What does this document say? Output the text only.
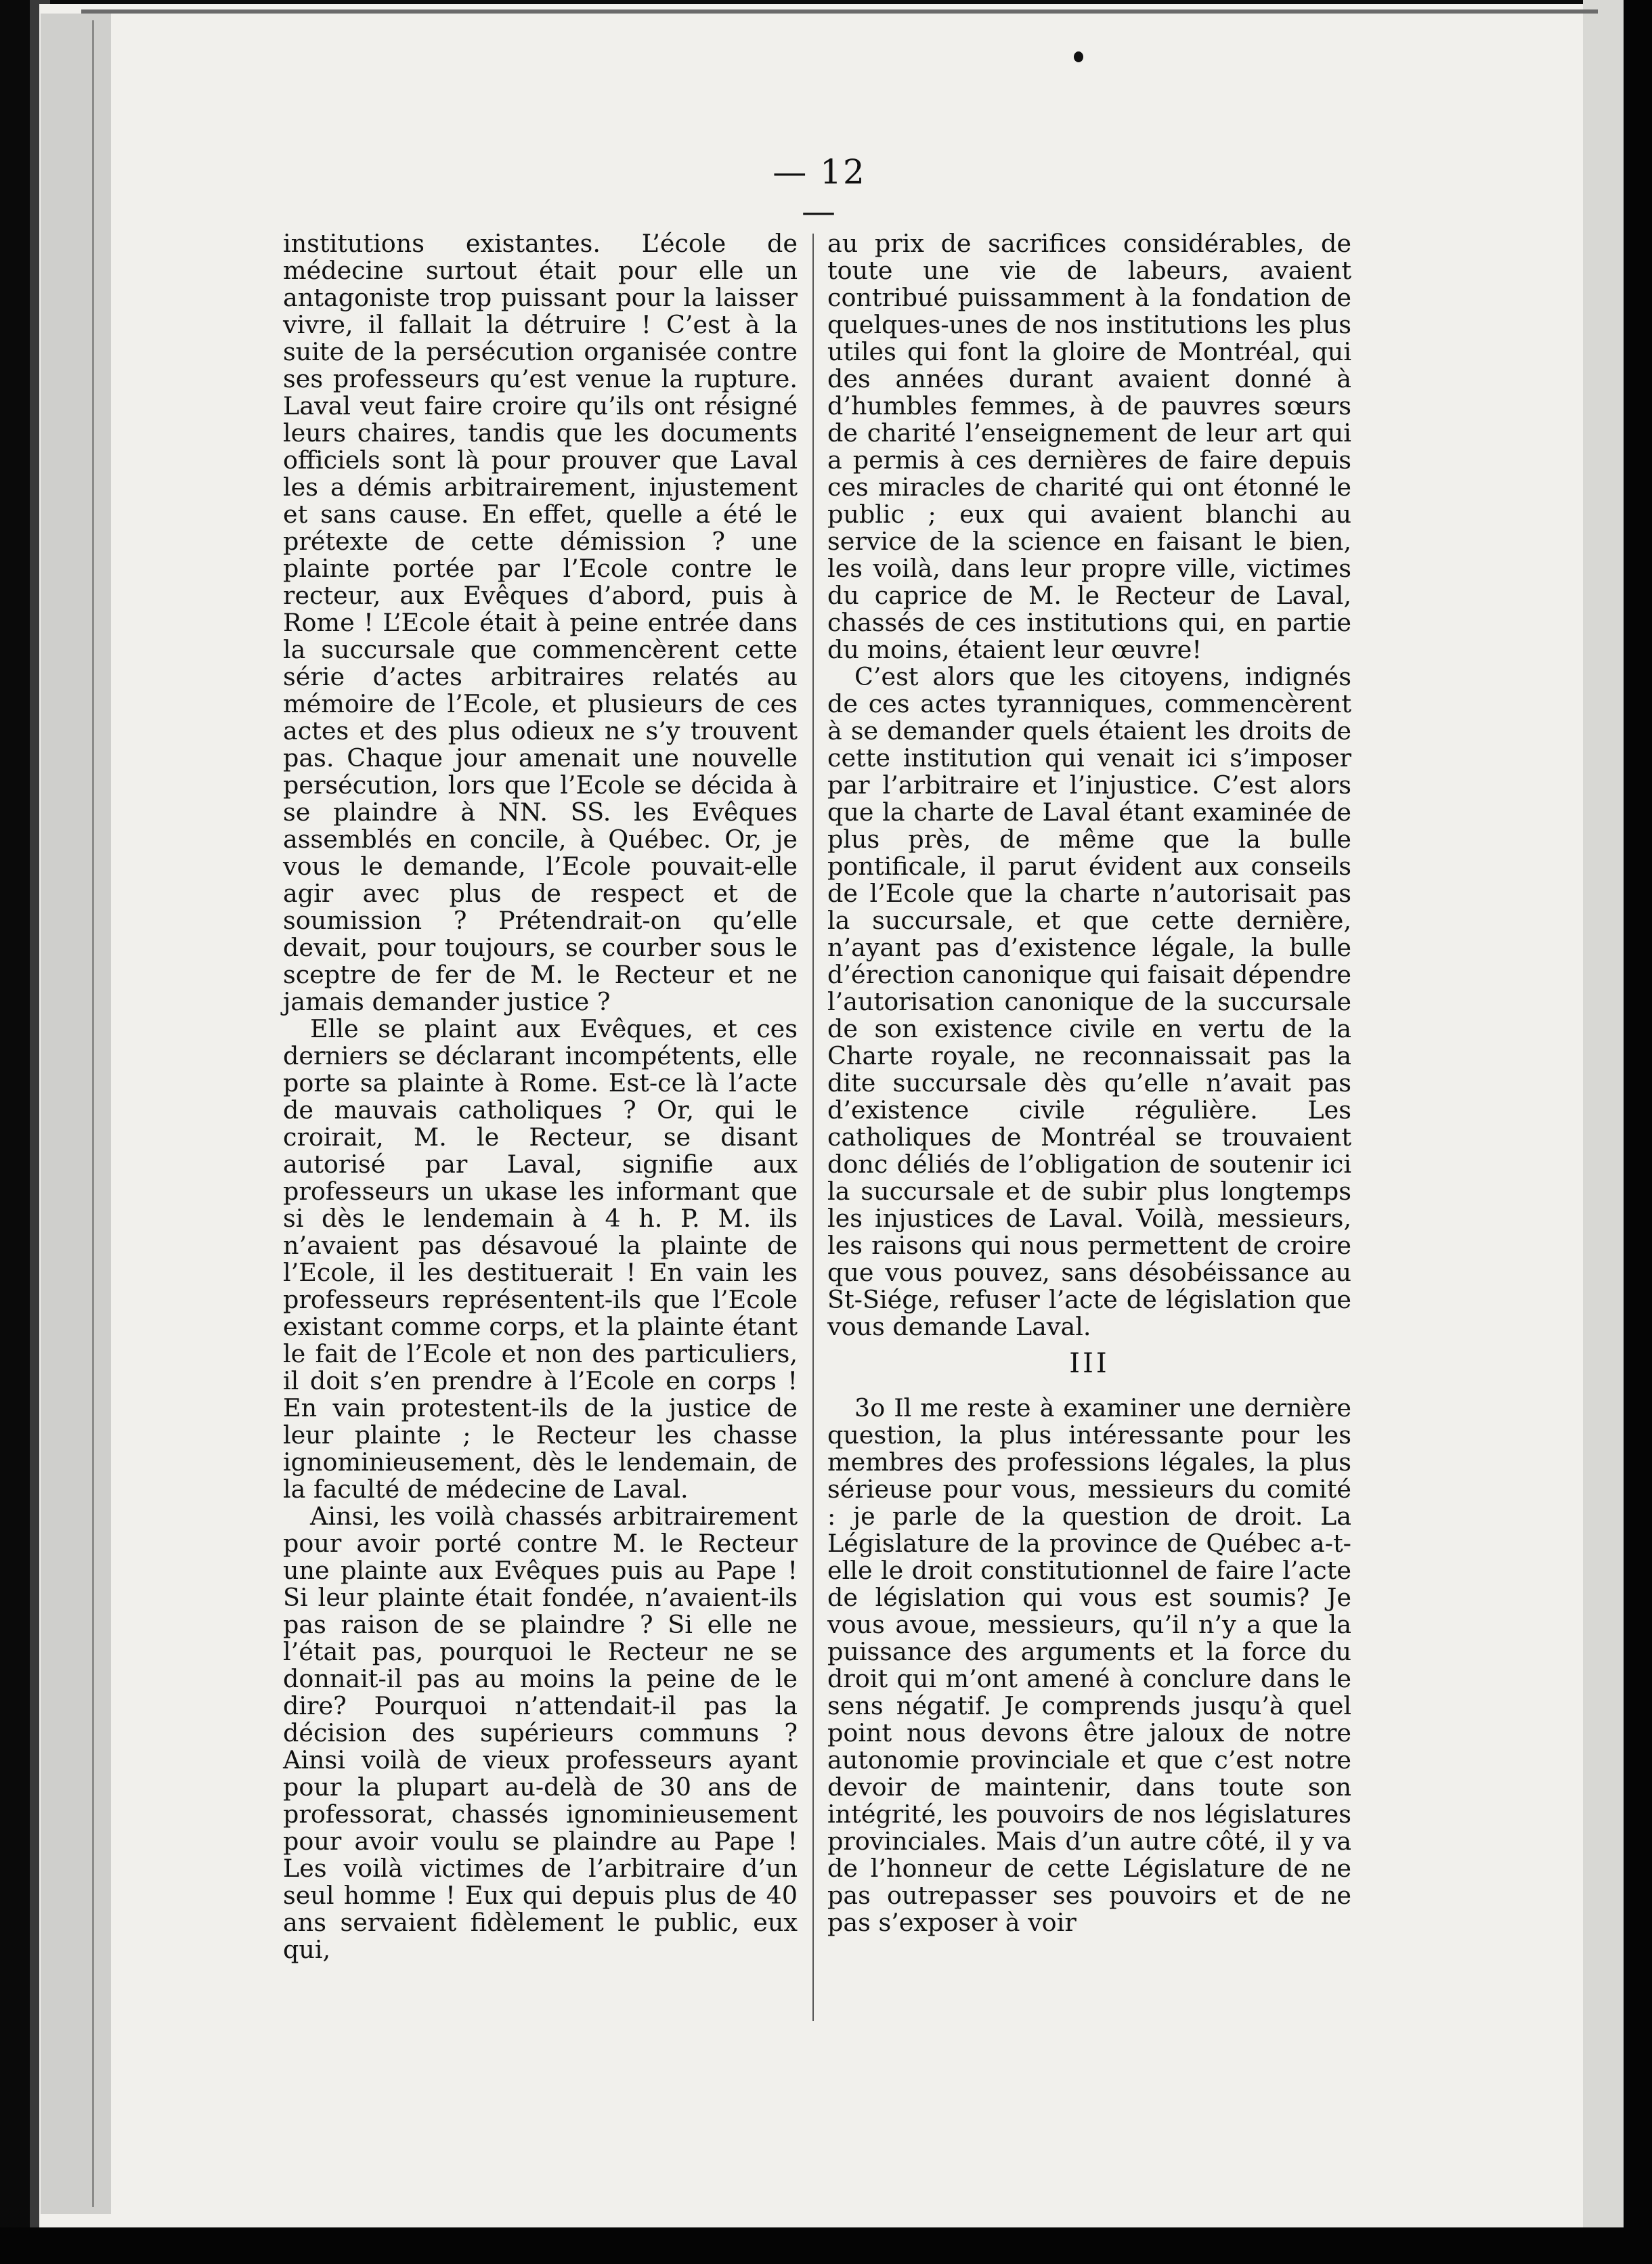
— 12 —

institutions existantes. L’école de médecine surtout était pour elle un antagoniste trop puissant pour la laisser vivre, il fallait la détruire ! C’est à la suite de la persécution organisée contre ses professeurs qu’est venue la rupture. Laval veut faire croire qu’ils ont résigné leurs chaires, tandis que les documents officiels sont là pour prouver que Laval les a démis arbitrairement, injustement et sans cause. En effet, quelle a été le prétexte de cette démission ? une plainte portée par l’Ecole contre le recteur, aux Evêques d’abord, puis à Rome ! L’Ecole était à peine entrée dans la succursale que commencèrent cette série d’actes arbitraires relatés au mémoire de l’Ecole, et plusieurs de ces actes et des plus odieux ne s’y trouvent pas. Chaque jour amenait une nouvelle persécution, lors que l’Ecole se décida à se plaindre à NN. SS. les Evêques assemblés en concile, à Québec. Or, je vous le demande, l’Ecole pouvait-elle agir avec plus de respect et de soumission ? Prétendrait-on qu’elle devait, pour toujours, se courber sous le sceptre de fer de M. le Recteur et ne jamais demander justice ?

Elle se plaint aux Evêques, et ces derniers se déclarant incompétents, elle porte sa plainte à Rome. Est-ce là l’acte de mauvais catholiques ? Or, qui le croirait, M. le Recteur, se disant autorisé par Laval, signifie aux professeurs un ukase les informant que si dès le lendemain à 4 h. P. M. ils n’avaient pas désavoué la plainte de l’Ecole, il les destituerait ! En vain les professeurs représentent-ils que l’Ecole existant comme corps, et la plainte étant le fait de l’Ecole et non des particuliers, il doit s’en prendre à l’Ecole en corps ! En vain protestent-ils de la justice de leur plainte ; le Recteur les chasse ignominieusement, dès le lendemain, de la faculté de médecine de Laval.

Ainsi, les voilà chassés arbitrairement pour avoir porté contre M. le Recteur une plainte aux Evêques puis au Pape ! Si leur plainte était fondée, n’avaient-ils pas raison de se plaindre ? Si elle ne l’était pas, pourquoi le Recteur ne se donnait-il pas au moins la peine de le dire? Pourquoi n’attendait-il pas la décision des supérieurs communs ? Ainsi voilà de vieux professeurs ayant pour la plupart au-delà de 30 ans de professorat, chassés ignominieusement pour avoir voulu se plaindre au Pape ! Les voilà victimes de l’arbitraire d’un seul homme ! Eux qui depuis plus de 40 ans servaient fidèlement le public, eux qui,

au prix de sacrifices considérables, de toute une vie de labeurs, avaient contribué puissamment à la fondation de quelques-unes de nos institutions les plus utiles qui font la gloire de Montréal, qui des années durant avaient donné à d’humbles femmes, à de pauvres sœurs de charité l’enseignement de leur art qui a permis à ces dernières de faire depuis ces miracles de charité qui ont étonné le public ; eux qui avaient blanchi au service de la science en faisant le bien, les voilà, dans leur propre ville, victimes du caprice de M. le Recteur de Laval, chassés de ces institutions qui, en partie du moins, étaient leur œuvre!

C’est alors que les citoyens, indignés de ces actes tyranniques, commencèrent à se demander quels étaient les droits de cette institution qui venait ici s’imposer par l’arbitraire et l’injustice. C’est alors que la charte de Laval étant examinée de plus près, de même que la bulle pontificale, il parut évident aux conseils de l’Ecole que la charte n’autorisait pas la succursale, et que cette dernière, n’ayant pas d’existence légale, la bulle d’érection canonique qui faisait dépendre l’autorisation canonique de la succursale de son existence civile en vertu de la Charte royale, ne reconnaissait pas la dite succursale dès qu’elle n’avait pas d’existence civile régulière. Les catholiques de Montréal se trouvaient donc déliés de l’obligation de soutenir ici la succursale et de subir plus longtemps les injustices de Laval. Voilà, messieurs, les raisons qui nous permettent de croire que vous pouvez, sans désobéissance au St-Siége, refuser l’acte de législation que vous demande Laval.

III

3o Il me reste à examiner une dernière question, la plus intéressante pour les membres des professions légales, la plus sérieuse pour vous, messieurs du comité : je parle de la question de droit. La Législature de la province de Québec a-t-elle le droit constitutionnel de faire l’acte de législation qui vous est soumis? Je vous avoue, messieurs, qu’il n’y a que la puissance des arguments et la force du droit qui m’ont amené à conclure dans le sens négatif. Je comprends jusqu’à quel point nous devons être jaloux de notre autonomie provinciale et que c’est notre devoir de maintenir, dans toute son intégrité, les pouvoirs de nos législatures provinciales. Mais d’un autre côté, il y va de l’honneur de cette Législature de ne pas outrepasser ses pouvoirs et de ne pas s’exposer à voir
